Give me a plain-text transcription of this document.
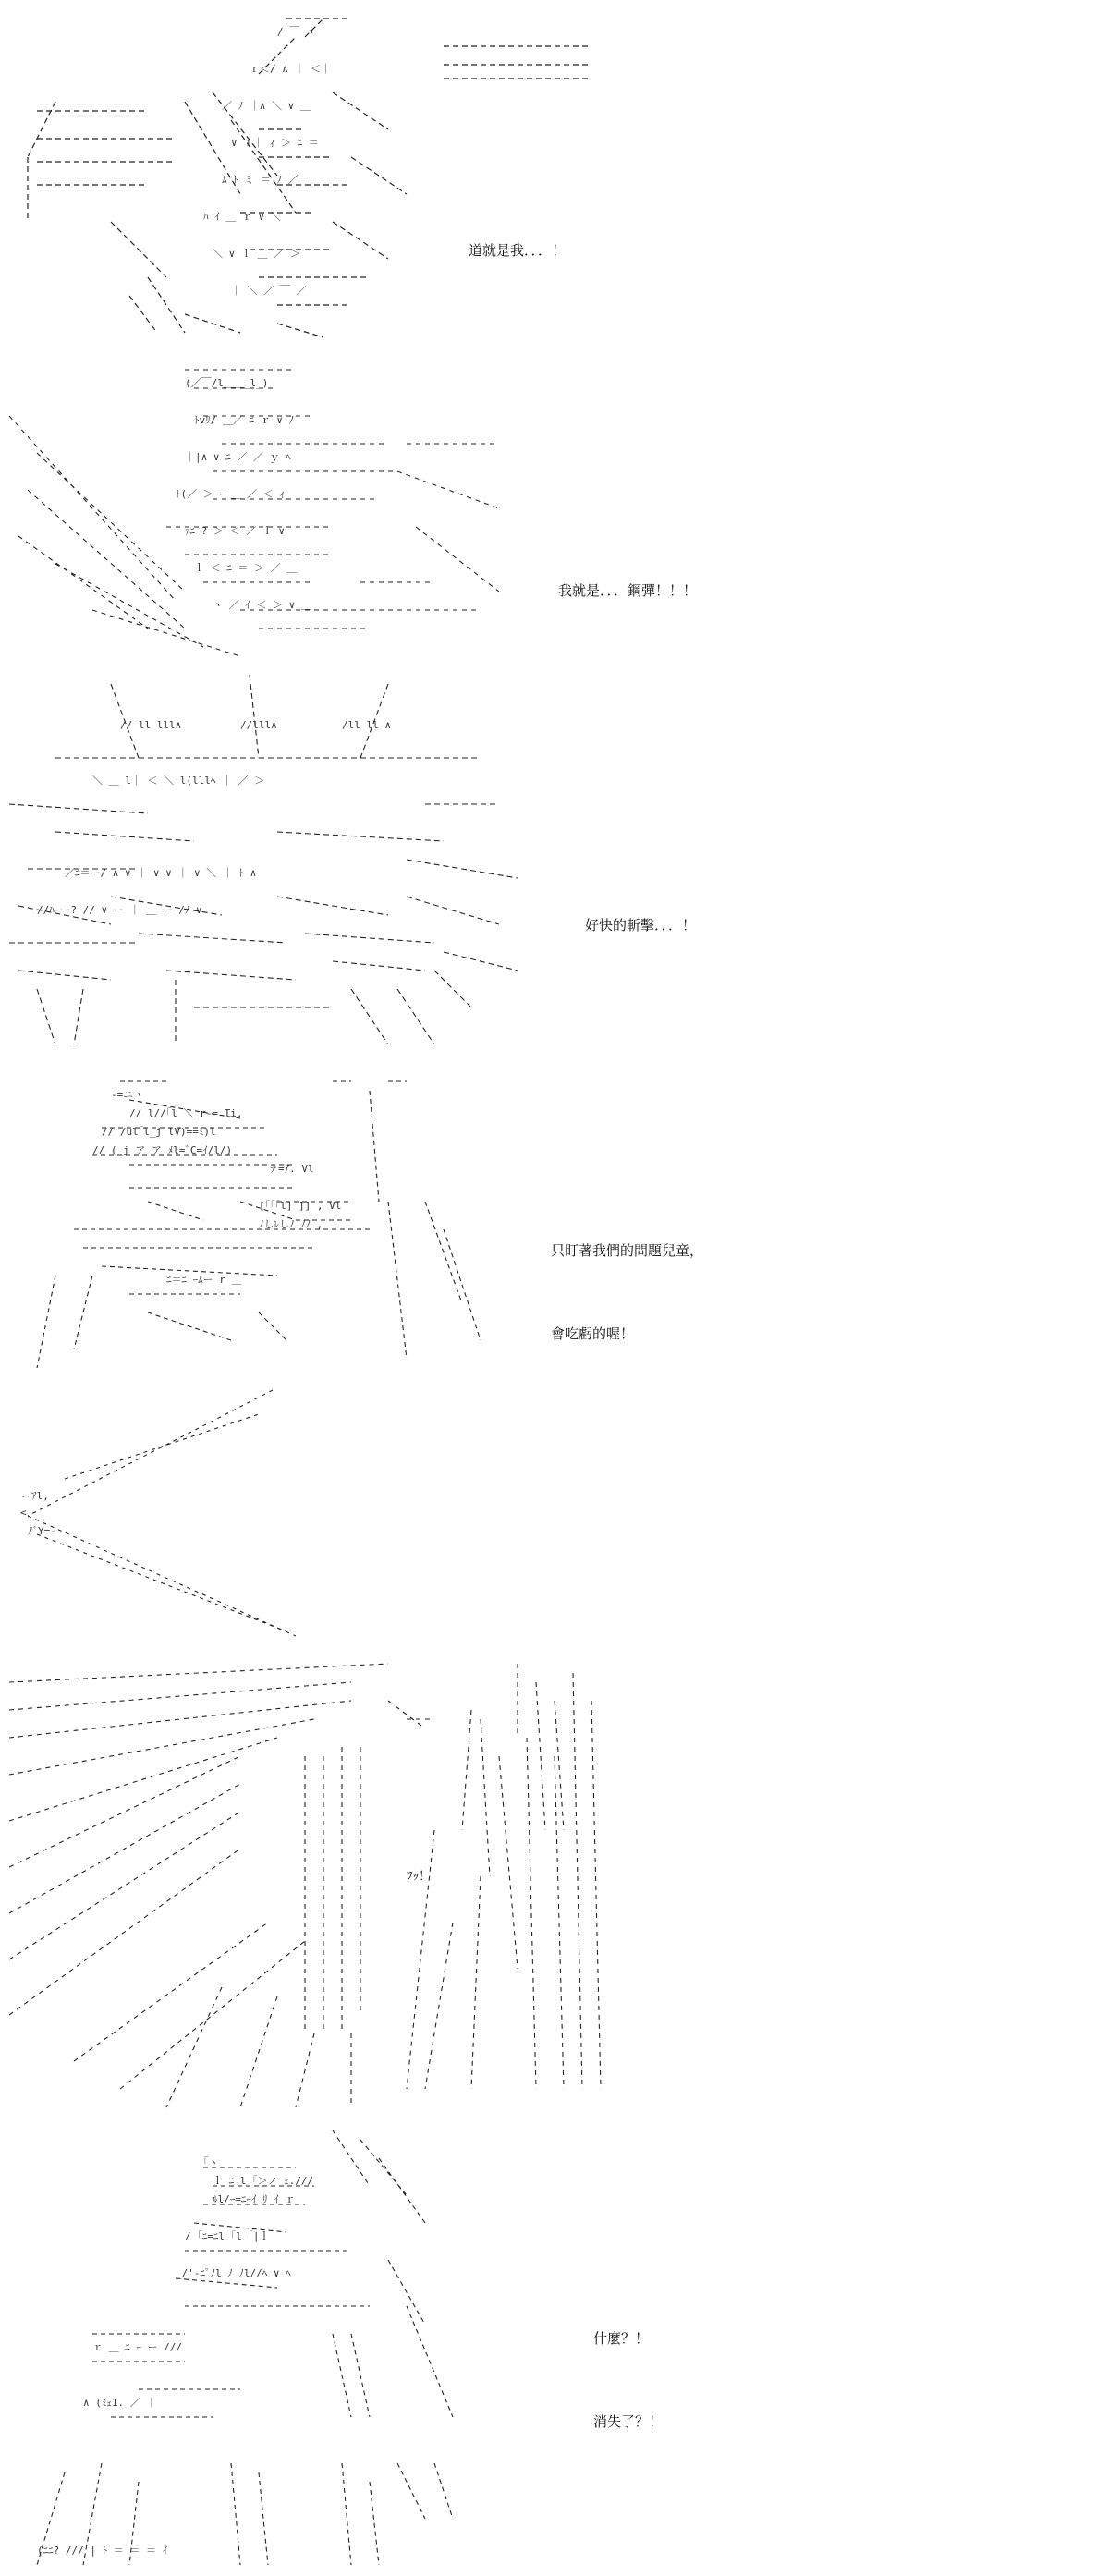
/ ￣ ヽ
ｒ＜/ ∧ ｜ ＜｜
／ ﾉ ｜∧ ＼ ∨ ＿
∨ ｉ｜ ｨ ＞ ﾆ ＝
ﾑ ﾄ ミ ＝ ﾉ ／
ﾊ ｲ ＿ ｒ ∨ ＼
＼ ∨ ｌ ＿ ／ ＞
｜ ＼ ／ ￣ ／

道就是我．．．！

(／￣/l＿＿_l_)
ﾄvﾘ/ ＿／ ﾆ ｒ ∨ ﾉ
｜|∧ ∨ ﾆ ／ ／ ｙ ﾍ
ﾄ(／ ＞ ｰ ＿ ／ ＜ ｨ
ｧﾆ ? ＞ ＜ ／ ｌ ∨
ｌ ＜ ﾆ ＝ ＞ ／ ＿
ヽ ／ ｲ ＜ ＞ ∨ ＿

我就是．．．鋼彈！！！

// ll lll∧	//lll∧	/ll ll ∧
＼ ＿ l｜ ＜ ＼ l(lllﾍ ｜ ／ ＞
／ﾆ＝ー/ ∧ ∨ ｜ ∨ ∨ ｜ ∨ ＼ ｜ ﾄ ∧
//ﾊ ー? // ∨ ー ｜ ＿ ー /ﾉ ∨

好快的斬擊．．．！

-=ニヽ
// l//｢l ＼ r-= Ti.
// /ul｢l_j lV)==ﾐ)l
// (_j ア ア ﾒl=ﾞC=ｲ/l/)
ァ=ｱ. Vl
[｢｢｢l] ]] , Vl
ﾉしﾚしﾉ ﾉﾉ ,
ﾆ＝ﾆ ｰﾑー r ＿

只盯著我們的問題兒童，

會吃虧的喔！

-ｰｱl,
<
ﾉﾞY=-

ﾌｯ！

｢ヽ
ｌ ﾆ l ｢＞ノ ｪ.///
ﾙl/ｰ=ﾆｰｲ ﾘ ｲ ｒ
/ ｢ﾆ=ﾆl ｢l ｢|ｌ
_/'-ﾆﾟﾉl ﾉ ﾉl//ﾍ ∨ ﾍ
ｒ ＿ ﾆ ｰ ー ///
∧ (ﾐｪ1. ／ ｜
(ﾆﾆ? /// | ﾄ ＝ ＝ ＝ ｲ

什麼？！

消失了？！
